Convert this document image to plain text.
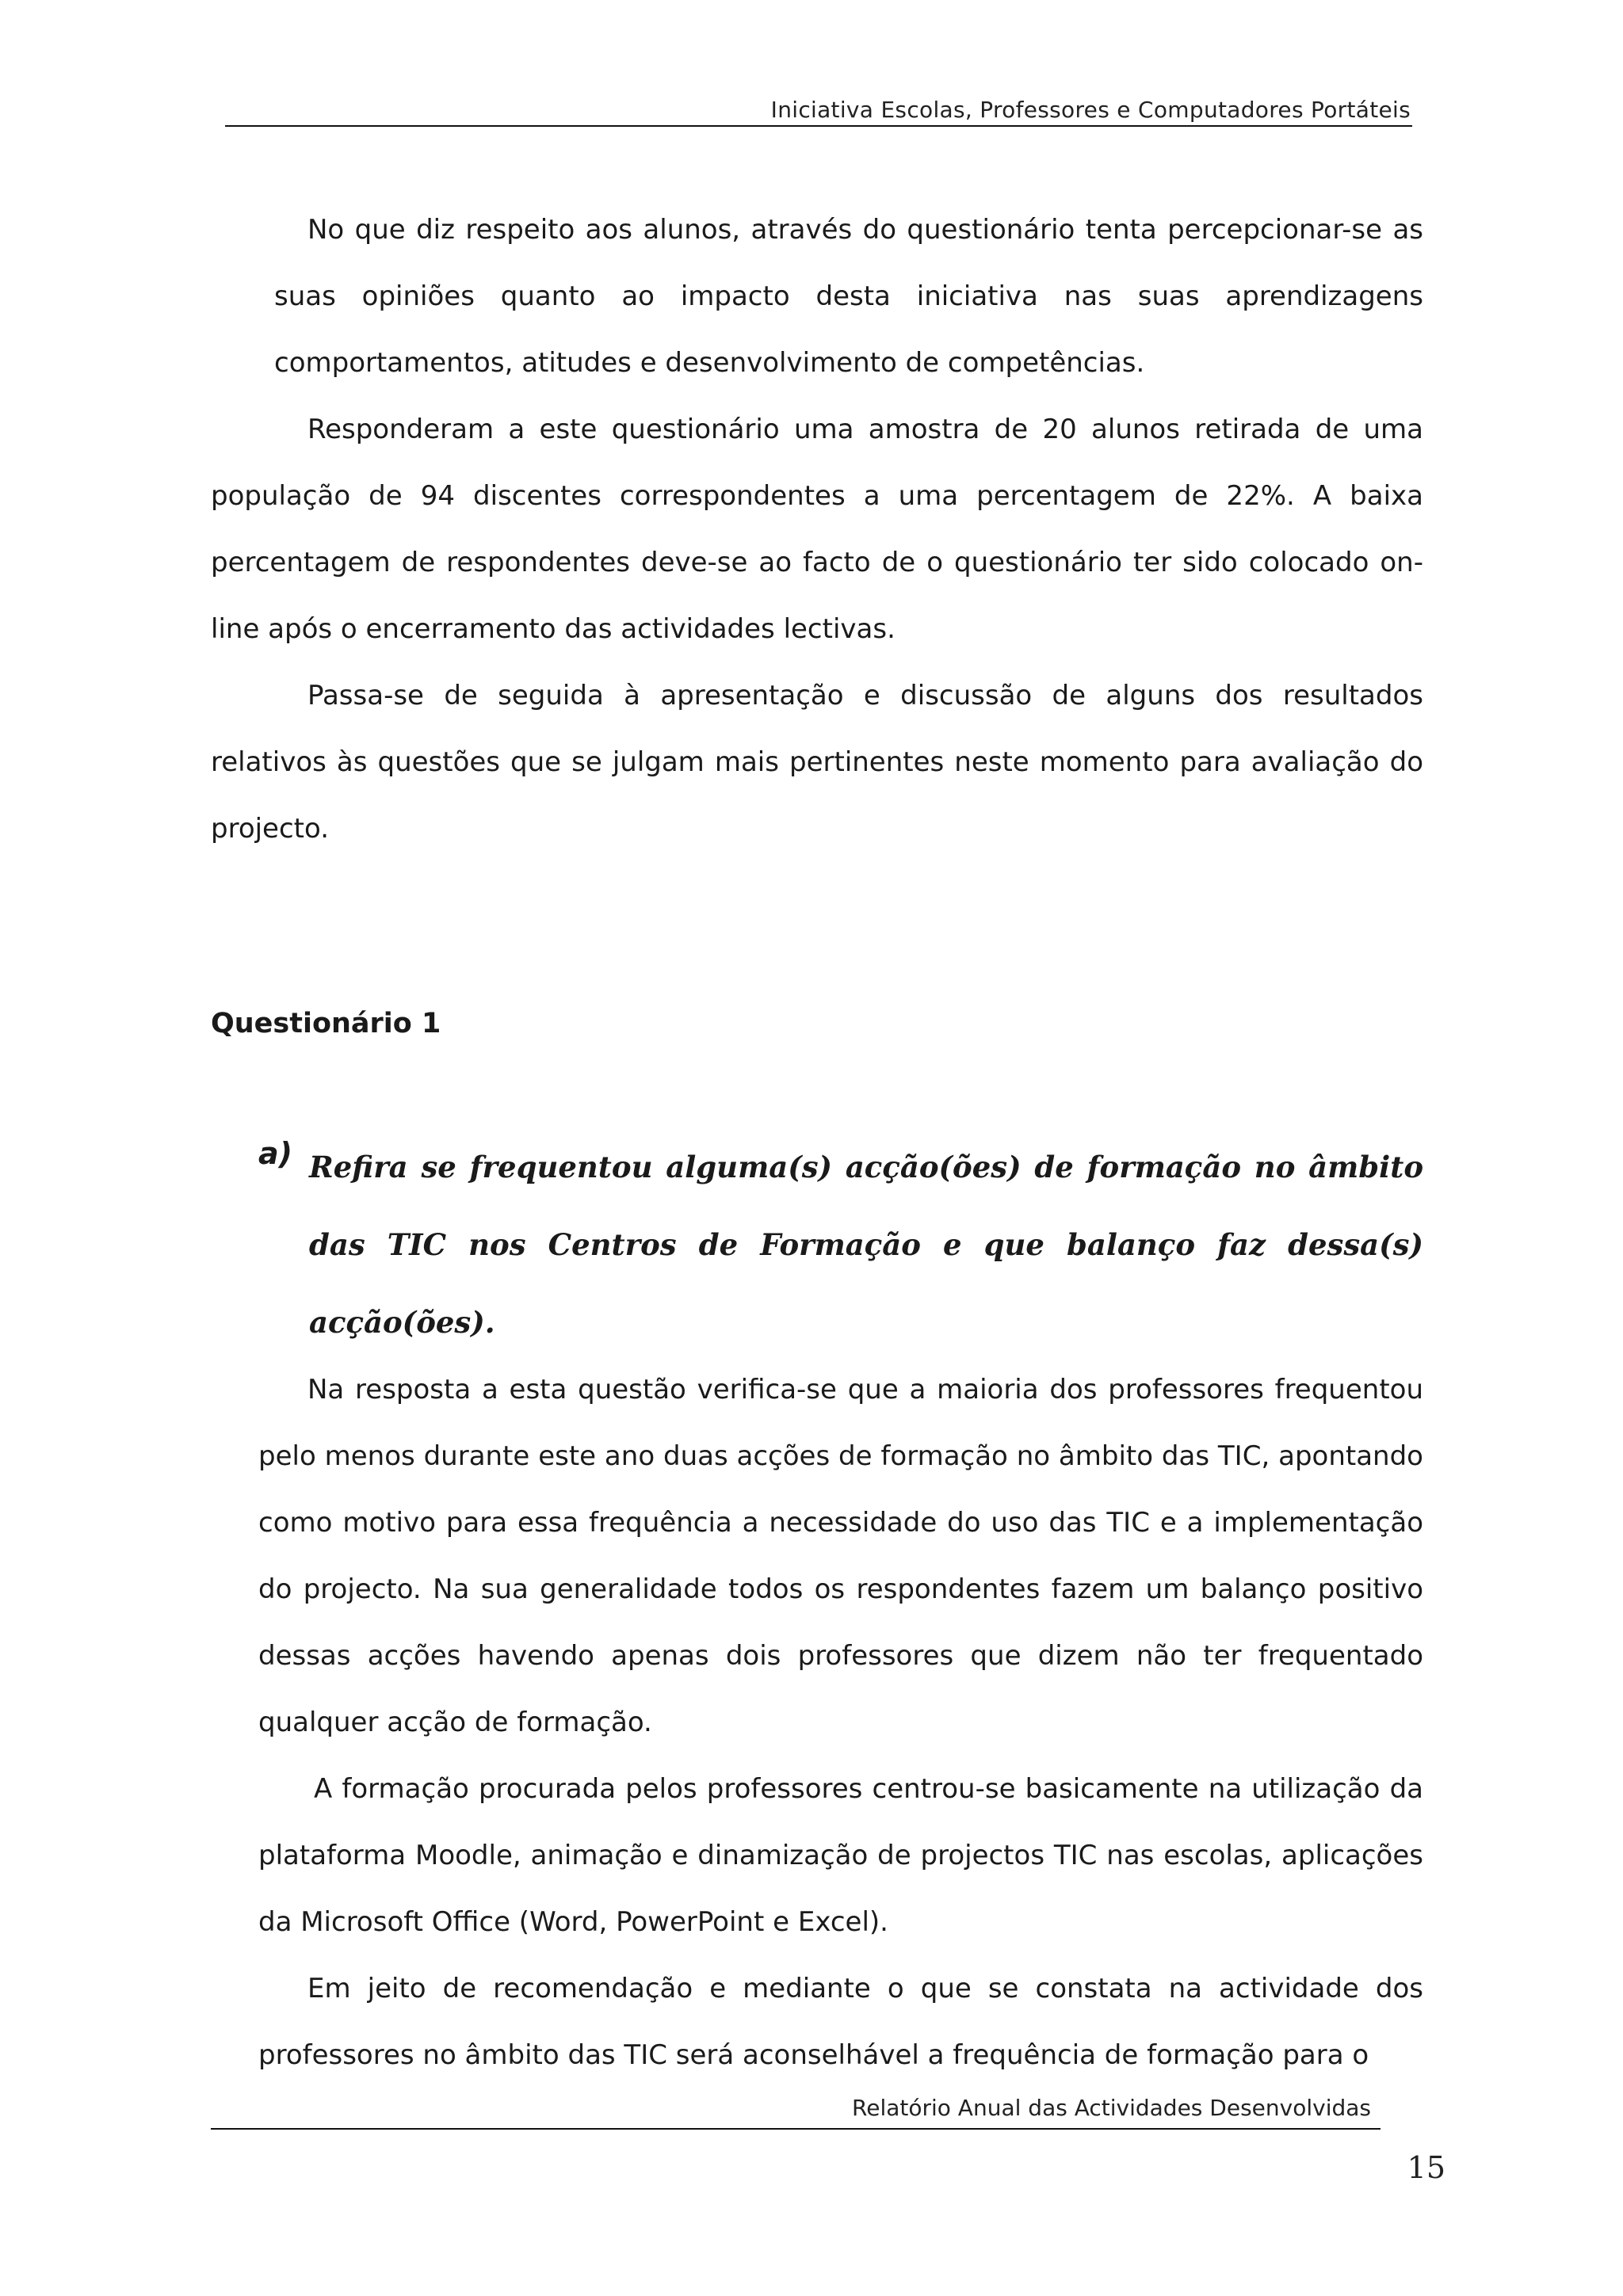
Iniciativa Escolas, Professores e Computadores Portáteis

No que diz respeito aos alunos, através do questionário tenta percepcionar-se as suas opiniões quanto ao impacto desta iniciativa nas suas aprendizagens comportamentos, atitudes e desenvolvimento de competências.

Responderam a este questionário uma amostra de 20 alunos retirada de uma população de 94 discentes correspondentes a uma percentagem de 22%. A baixa percentagem de respondentes deve-se ao facto de o questionário ter sido colocado on-line após o encerramento das actividades lectivas.

Passa-se de seguida à apresentação e discussão de alguns dos resultados relativos às questões que se julgam mais pertinentes neste momento para avaliação do projecto.

Questionário 1
a) Refira se frequentou alguma(s) acção(ões) de formação no âmbito das TIC nos Centros de Formação e que balanço faz dessa(s) acção(ões).

Na resposta a esta questão verifica-se que a maioria dos professores frequentou pelo menos durante este ano duas acções de formação no âmbito das TIC, apontando como motivo para essa frequência a necessidade do uso das TIC e a implementação do projecto. Na sua generalidade todos os respondentes fazem um balanço positivo dessas acções havendo apenas dois professores que dizem não ter frequentado qualquer acção de formação.

A formação procurada pelos professores centrou-se basicamente na utilização da plataforma Moodle, animação e dinamização de projectos TIC nas escolas, aplicações da Microsoft Office (Word, PowerPoint e Excel).

Em jeito de recomendação e mediante o que se constata na actividade dos professores no âmbito das TIC será aconselhável a frequência de formação para o

Relatório Anual das Actividades Desenvolvidas
15
